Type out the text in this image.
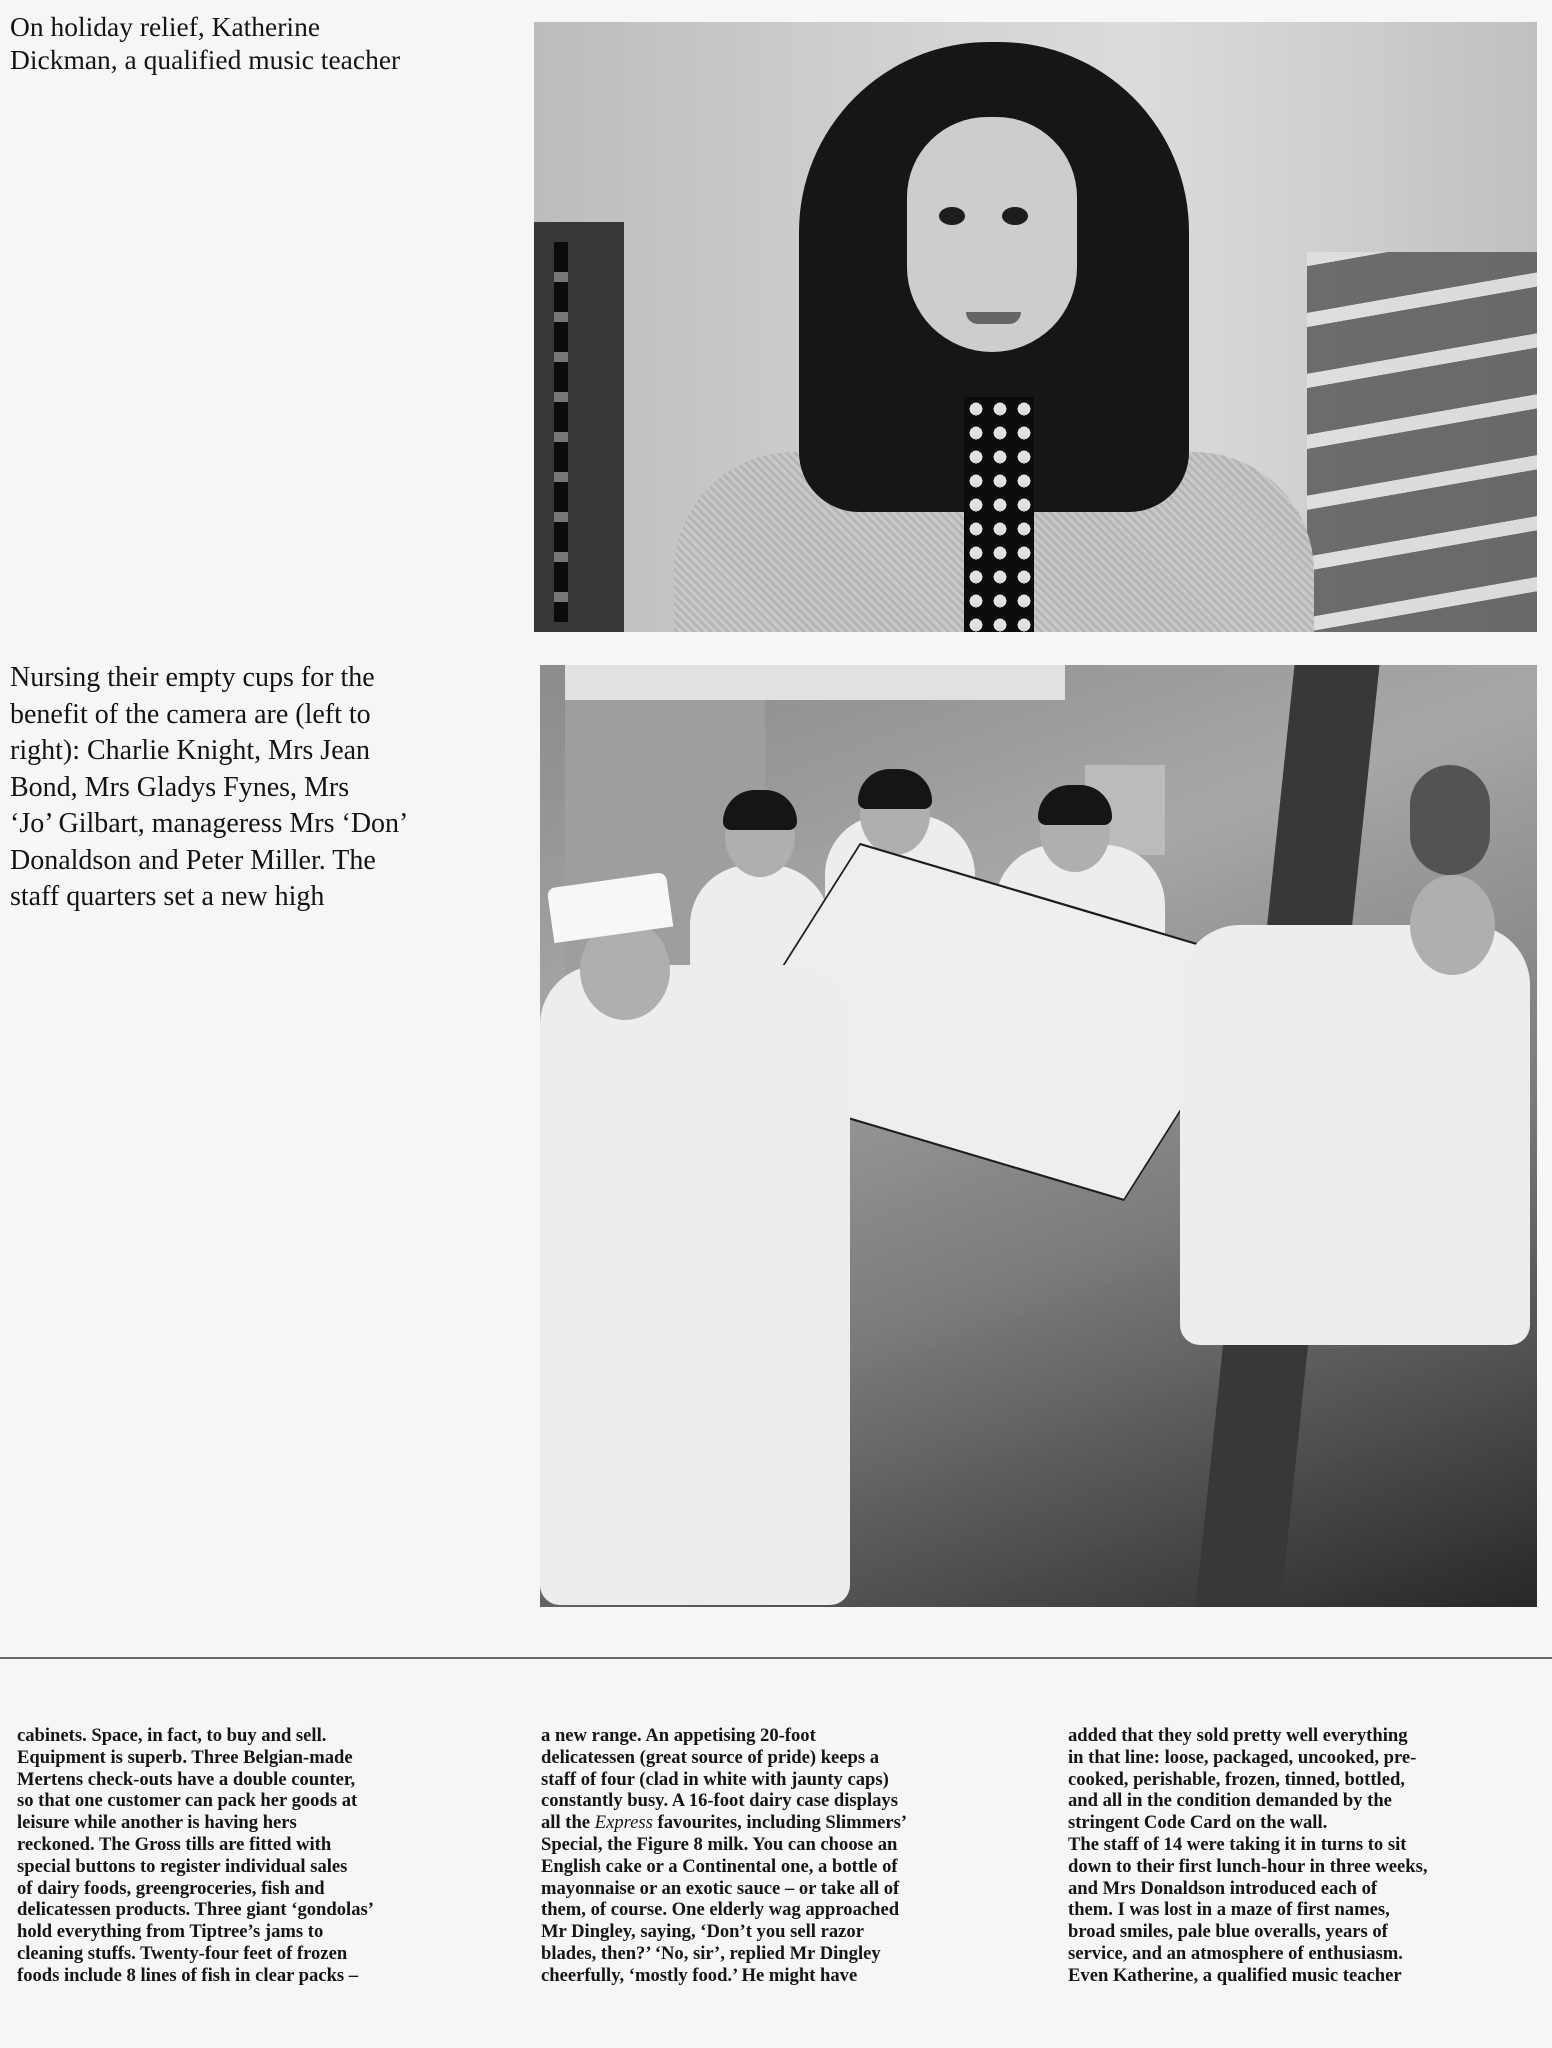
On holiday relief, Katherine

Dickman, a qualified music teacher

Nursing their empty cups for the

benefit of the camera are (left to

right): Charlie Knight, Mrs Jean

Bond, Mrs Gladys Fynes, Mrs

‘Jo’ Gilbart, manageress Mrs ‘Don’

Donaldson and Peter Miller. The

staff quarters set a new high

cabinets. Space, in fact, to buy and sell.

Equipment is superb. Three Belgian-made

Mertens check-outs have a double counter,

so that one customer can pack her goods at

leisure while another is having hers

reckoned. The Gross tills are fitted with

special buttons to register individual sales

of dairy foods, greengroceries, fish and

delicatessen products. Three giant ‘gondolas’

hold everything from Tiptree’s jams to

cleaning stuffs. Twenty-four feet of frozen

foods include 8 lines of fish in clear packs –

a new range. An appetising 20-foot

delicatessen (great source of pride) keeps a

staff of four (clad in white with jaunty caps)

constantly busy. A 16-foot dairy case displays

all the Express favourites, including Slimmers’

Special, the Figure 8 milk. You can choose an

English cake or a Continental one, a bottle of

mayonnaise or an exotic sauce – or take all of

them, of course. One elderly wag approached

Mr Dingley, saying, ‘Don’t you sell razor

blades, then?’ ‘No, sir’, replied Mr Dingley

cheerfully, ‘mostly food.’ He might have

added that they sold pretty well everything

in that line: loose, packaged, uncooked, pre-

cooked, perishable, frozen, tinned, bottled,

and all in the condition demanded by the

stringent Code Card on the wall.

The staff of 14 were taking it in turns to sit

down to their first lunch-hour in three weeks,

and Mrs Donaldson introduced each of

them. I was lost in a maze of first names,

broad smiles, pale blue overalls, years of

service, and an atmosphere of enthusiasm.

Even Katherine, a qualified music teacher
